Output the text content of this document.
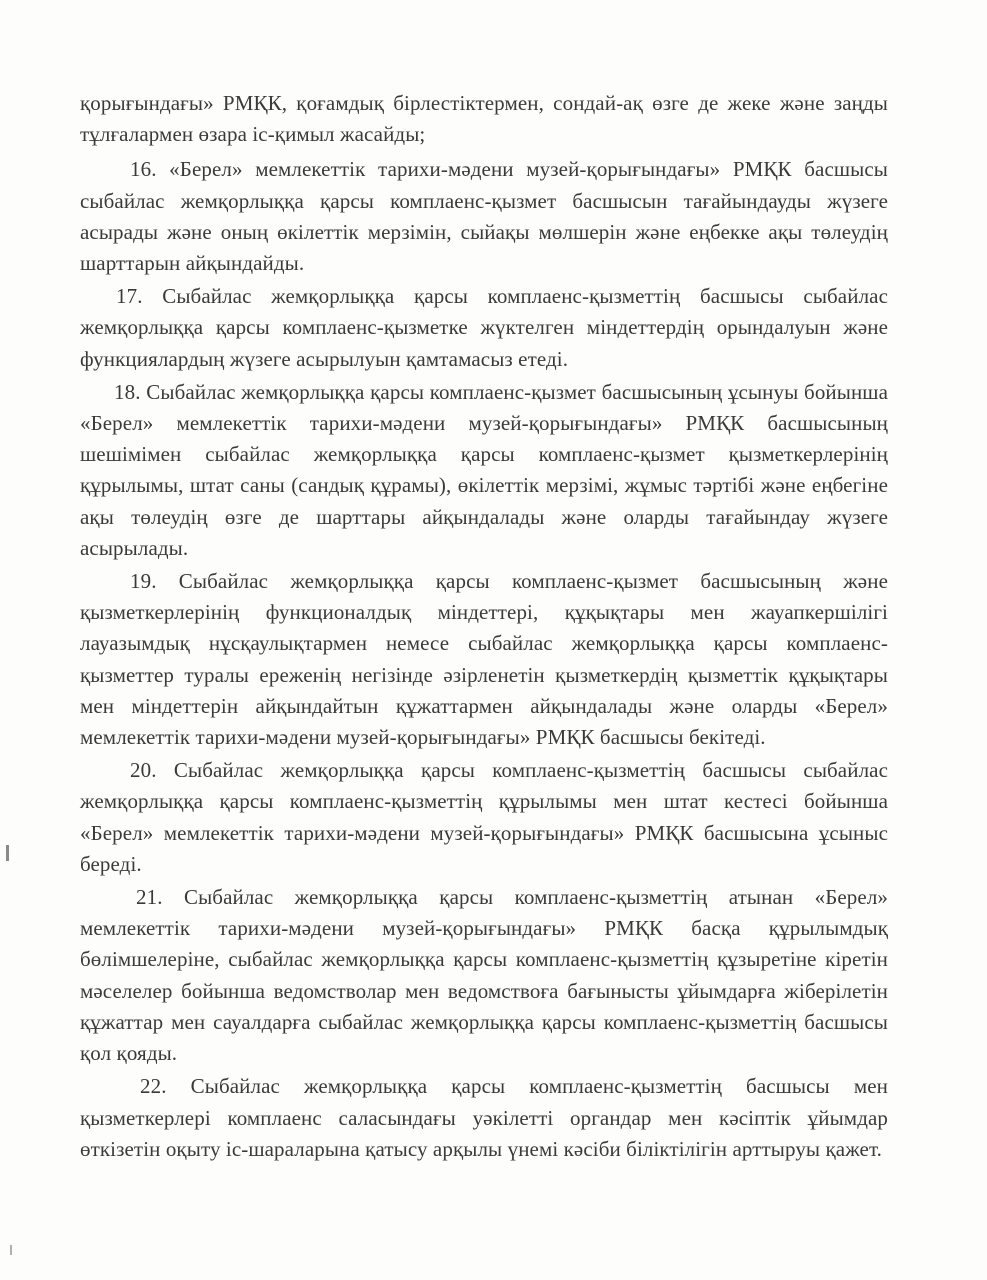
қорығындағы» РМҚК, қоғамдық бірлестіктермен, сондай-ақ өзге де жеке және заңды тұлғалармен өзара іс-қимыл жасайды;

16. «Берел» мемлекеттік тарихи-мәдени музей-қорығындағы» РМҚК басшысы сыбайлас жемқорлыққа қарсы комплаенс-қызмет басшысын тағайындауды жүзеге асырады және оның өкілеттік мерзімін, сыйақы мөлшерін және еңбекке ақы төлеудің шарттарын айқындайды.

17. Сыбайлас жемқорлыққа қарсы комплаенс-қызметтің басшысы сыбайлас жемқорлыққа қарсы комплаенс-қызметке жүктелген міндеттердің орындалуын және функциялардың жүзеге асырылуын қамтамасыз етеді.

18. Сыбайлас жемқорлыққа қарсы комплаенс-қызмет басшысының ұсынуы бойынша «Берел» мемлекеттік тарихи-мәдени музей-қорығындағы» РМҚК басшысының шешімімен сыбайлас жемқорлыққа қарсы комплаенс-қызмет қызметкерлерінің құрылымы, штат саны (сандық құрамы), өкілеттік мерзімі, жұмыс тәртібі және еңбегіне ақы төлеудің өзге де шарттары айқындалады және оларды тағайындау жүзеге асырылады.

19. Сыбайлас жемқорлыққа қарсы комплаенс-қызмет басшысының және қызметкерлерінің функционалдық міндеттері, құқықтары мен жауапкершілігі лауазымдық нұсқаулықтармен немесе сыбайлас жемқорлыққа қарсы комплаенс-қызметтер туралы ереженің негізінде әзірленетін қызметкердің қызметтік құқықтары мен міндеттерін айқындайтын құжаттармен айқындалады және оларды «Берел» мемлекеттік тарихи-мәдени музей-қорығындағы» РМҚК басшысы бекітеді.

20. Сыбайлас жемқорлыққа қарсы комплаенс-қызметтің басшысы сыбайлас жемқорлыққа қарсы комплаенс-қызметтің құрылымы мен штат кестесі бойынша «Берел» мемлекеттік тарихи-мәдени музей-қорығындағы» РМҚК басшысына ұсыныс береді.

21. Сыбайлас жемқорлыққа қарсы комплаенс-қызметтің атынан «Берел» мемлекеттік тарихи-мәдени музей-қорығындағы» РМҚК басқа құрылымдық бөлімшелеріне, сыбайлас жемқорлыққа қарсы комплаенс-қызметтің құзыретіне кіретін мәселелер бойынша ведомстволар мен ведомствоға бағынысты ұйымдарға жіберілетін құжаттар мен сауалдарға сыбайлас жемқорлыққа қарсы комплаенс-қызметтің басшысы қол қояды.

22. Сыбайлас жемқорлыққа қарсы комплаенс-қызметтің басшысы мен қызметкерлері комплаенс саласындағы уәкілетті органдар мен кәсіптік ұйымдар өткізетін оқыту іс-шараларына қатысу арқылы үнемі кәсіби біліктілігін арттыруы қажет.
